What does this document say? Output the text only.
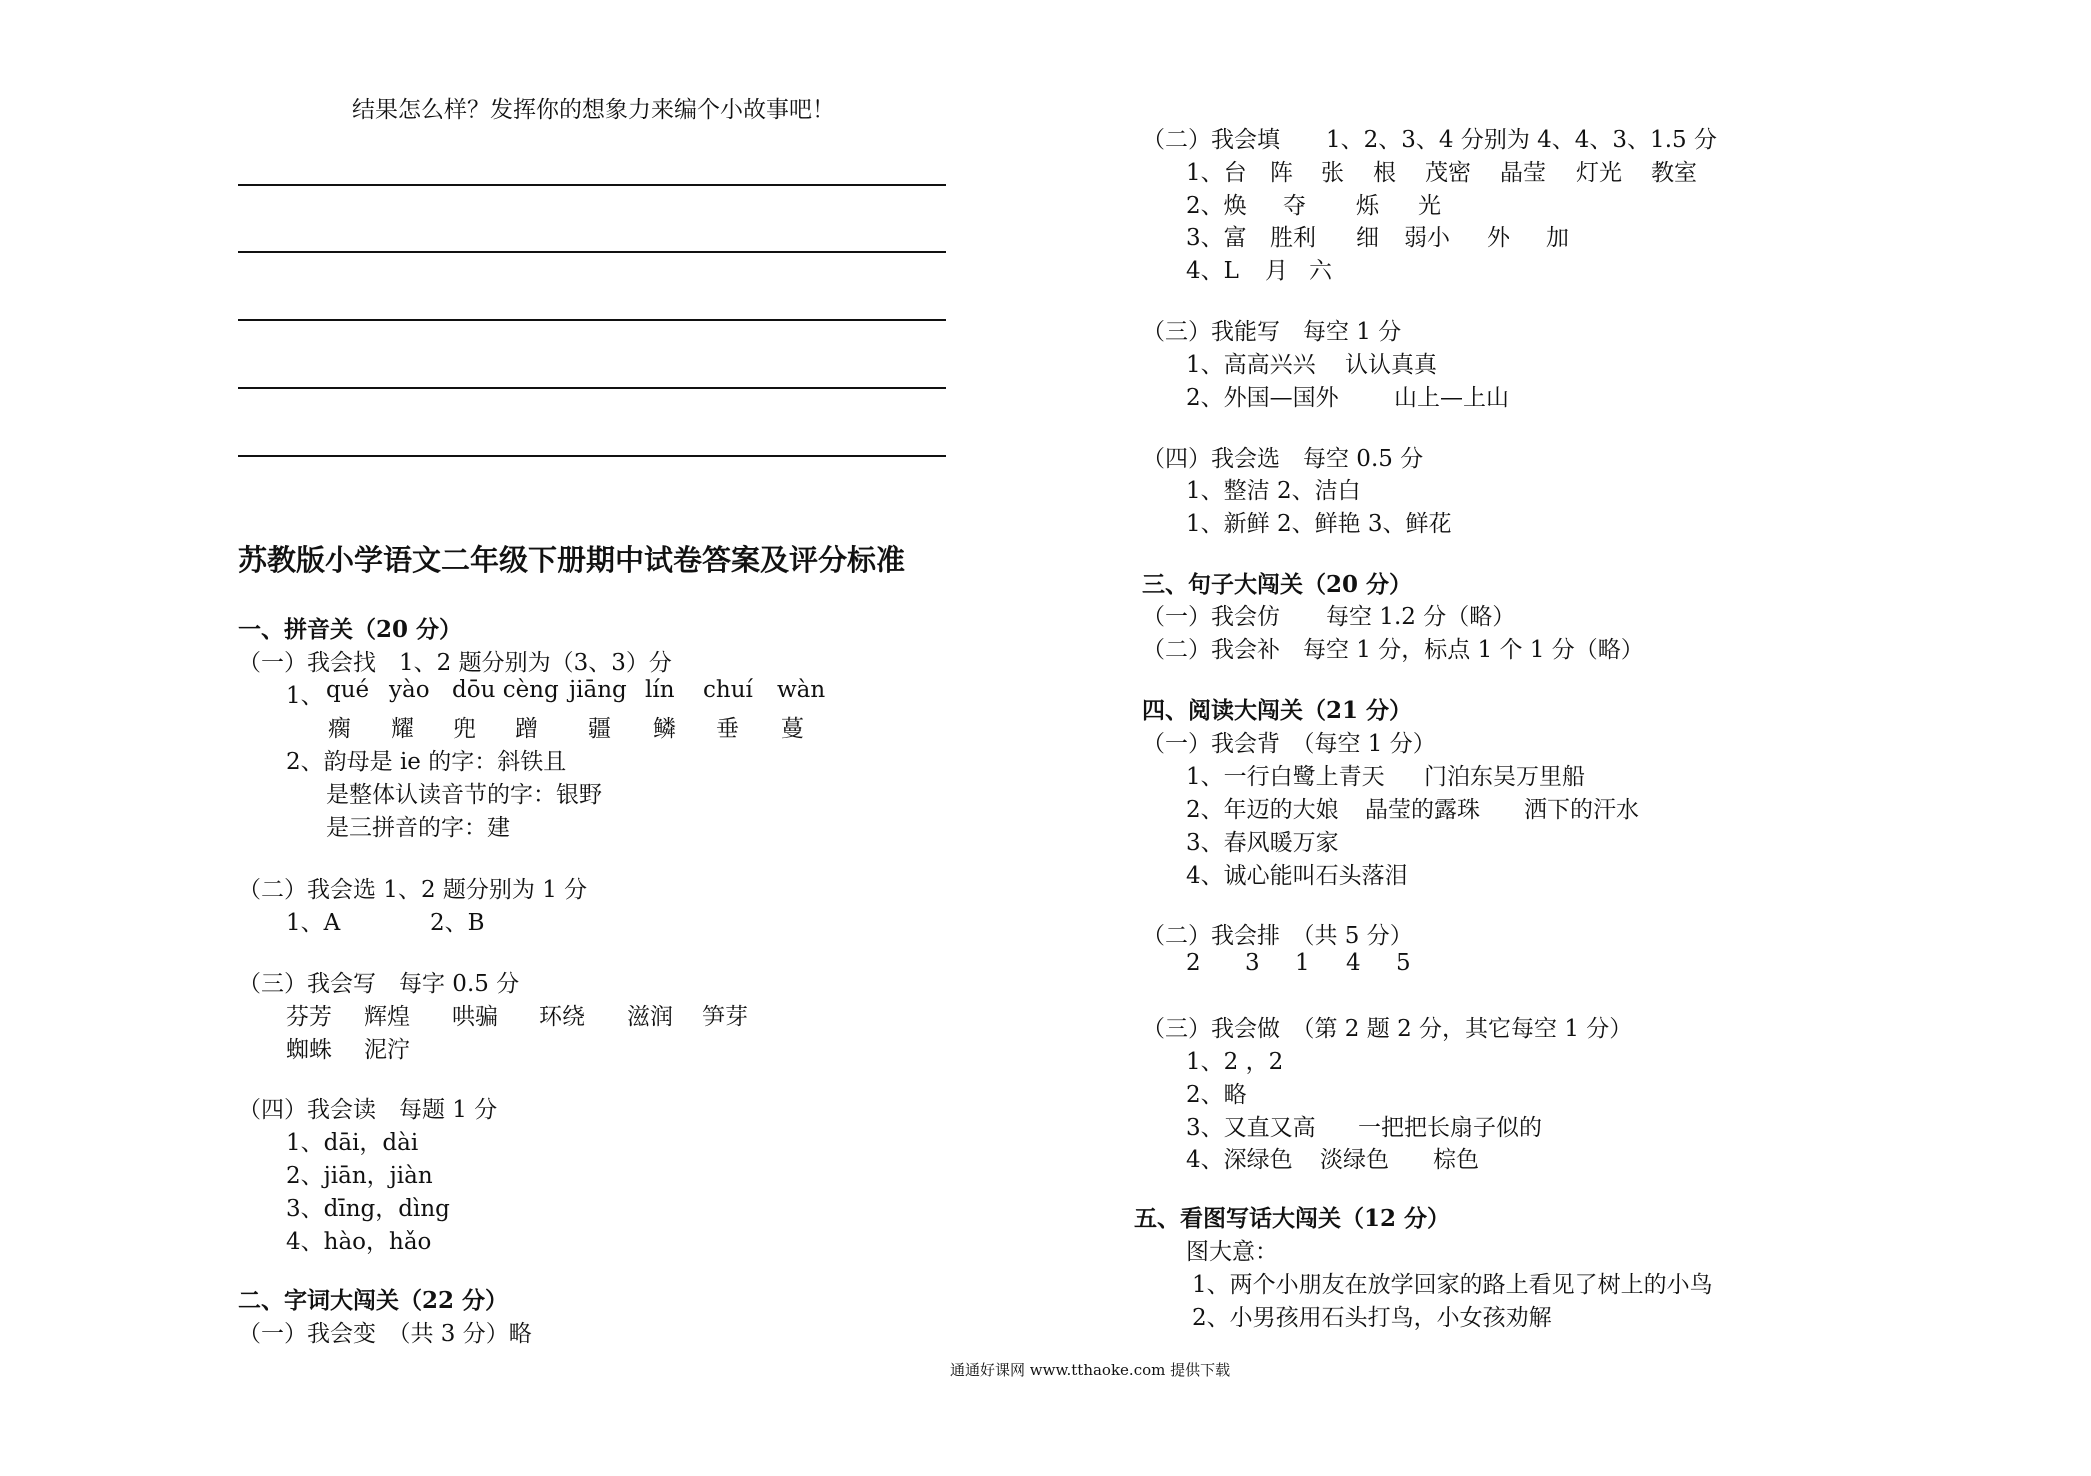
结果怎么样？发挥你的想象力来编个小故事吧！
苏教版小学语文二年级下册期中试卷答案及评分标准
一、拼音关（20 分）
（一）我会找　1、2 题分别为（3、3）分
1、 qué yào dōu cèng jiāng lín chuí wàn
瘸 耀 兜 蹭 疆 鳞 垂 蔓
2、韵母是 ie 的字：斜铁且
是整体认读音节的字：银野
是三拼音的字：建
（二）我会选 1、2 题分别为 1 分
1、A	2、B
（三）我会写　每字 0.5 分
芬芳 辉煌 哄骗 环绕 滋润 笋芽
蜘蛛 泥泞
（四）我会读　每题 1 分
1、dāi，dài
2、jiān，jiàn
3、dīng，dìng
4、hào，hǎo
二、字词大闯关（22 分）
（一）我会变　（共 3 分）略
（二）我会填　　1、2、3、4 分别为 4、4、3、1.5 分
1、台 阵 张 根 茂密 晶莹 灯光 教室
2、焕 夺 烁 光
3、富 胜利 细 弱小 外 加
4、L 月 六
（三）我能写　每空 1 分
1、高高兴兴 认认真真
2、外国—国外 山上—上山
（四）我会选　每空 0.5 分
1、整洁 2、洁白
1、新鲜 2、鲜艳 3、鲜花
三、句子大闯关（20 分）
（一）我会仿　　每空 1.2 分（略）
（二）我会补　每空 1 分，标点 1 个 1 分（略）
四、阅读大闯关（21 分）
（一）我会背　（每空 1 分）
1、一行白鹭上青天 门泊东吴万里船
2、年迈的大娘 晶莹的露珠 洒下的汗水
3、春风暖万家
4、诚心能叫石头落泪
（二）我会排　（共 5 分）
2 3 1 4 5
（三）我会做　（第 2 题 2 分，其它每空 1 分）
1、2 ，2
2、略
3、又直又高 一把把长扇子似的
4、深绿色 淡绿色 棕色
五、看图写话大闯关（12 分）
图大意：
1、两个小朋友在放学回家的路上看见了树上的小鸟
2、小男孩用石头打鸟，小女孩劝解
通通好课网 www.tthaoke.com 提供下载
